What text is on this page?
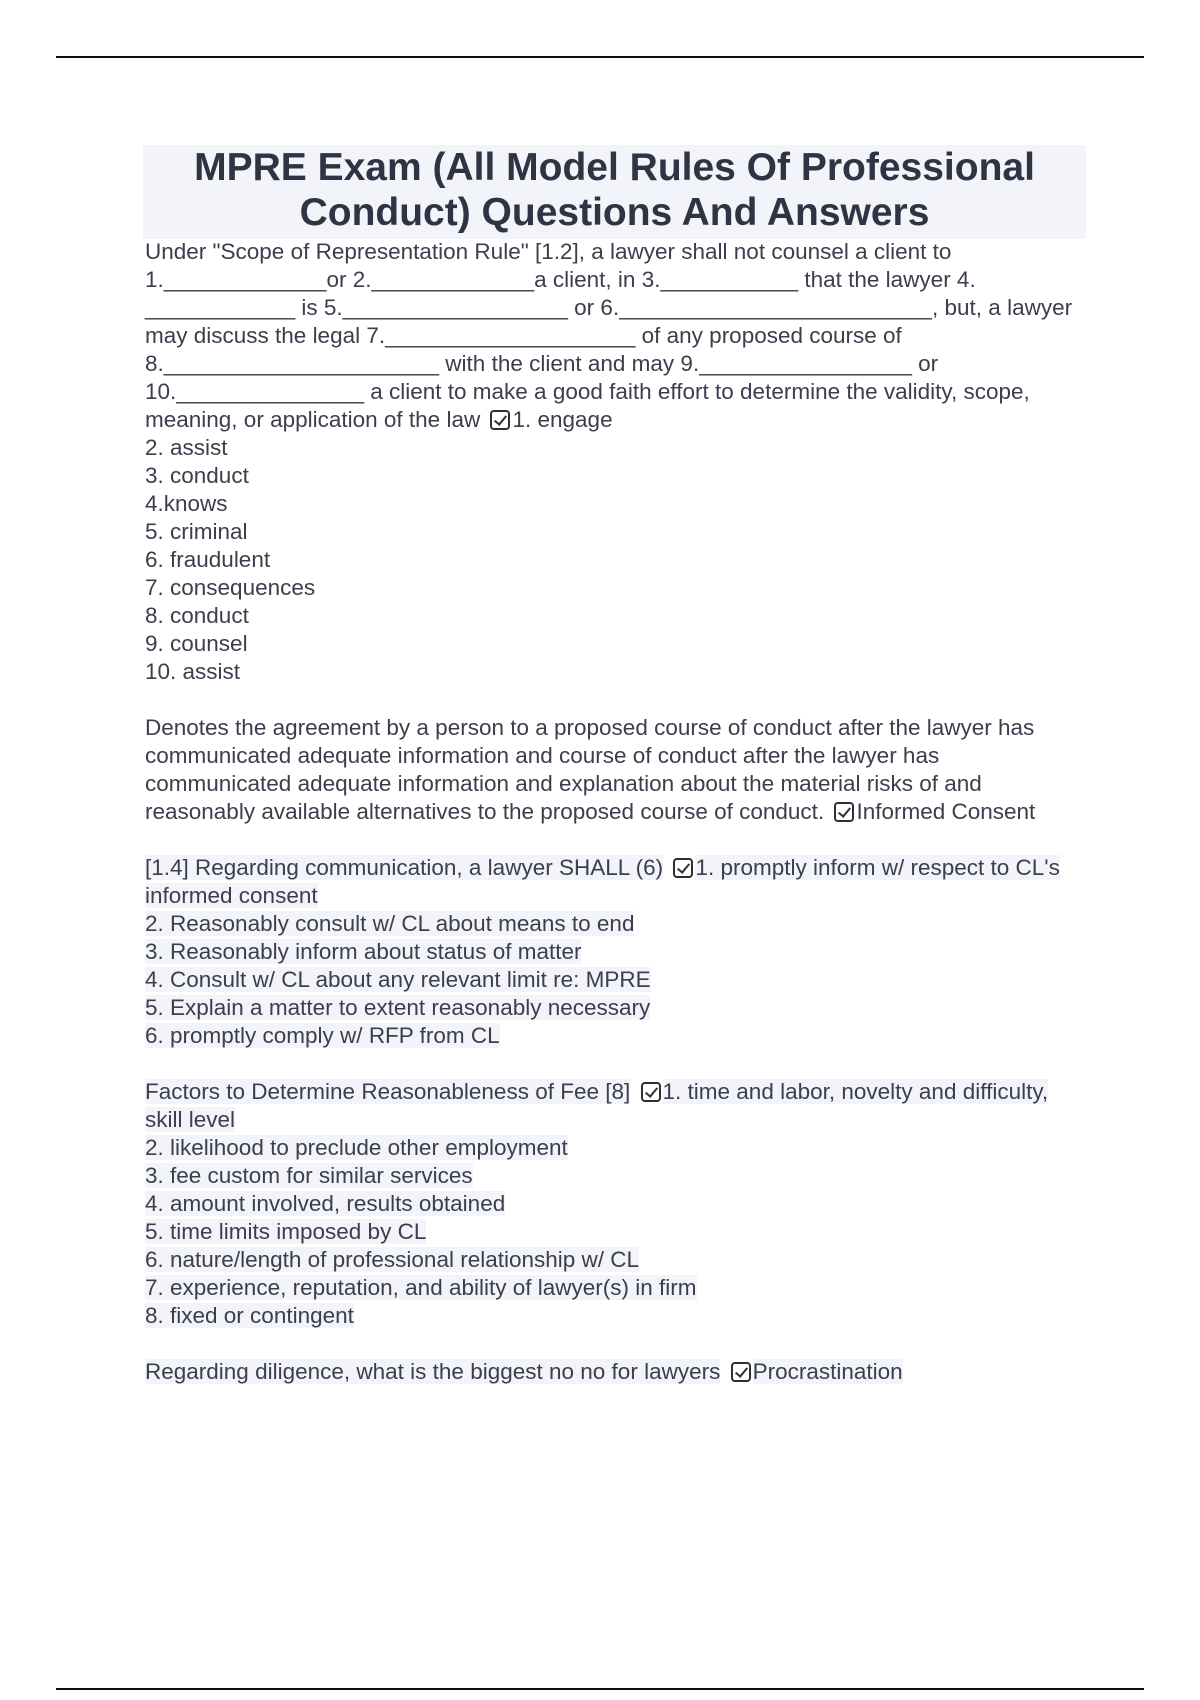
MPRE Exam (All Model Rules Of Professional Conduct) Questions And Answers

Under "Scope of Representation Rule" [1.2], a lawyer shall not counsel a client to 1._____________or 2._____________a client, in 3.___________ that the lawyer 4. ____________ is 5.__________________ or 6._________________________, but, a lawyer may discuss the legal 7.____________________ of any proposed course of 8.______________________ with the client and may 9._________________ or 10._______________ a client to make a good faith effort to determine the validity, scope, meaning, or application of the law 1. engage

2. assist
3. conduct
4.knows
5. criminal
6. fraudulent
7. consequences
8. conduct
9. counsel
10. assist

Denotes the agreement by a person to a proposed course of conduct after the lawyer has communicated adequate information and course of conduct after the lawyer has communicated adequate information and explanation about the material risks of and reasonably available alternatives to the proposed course of conduct. Informed Consent

[1.4] Regarding communication, a lawyer SHALL (6) 1. promptly inform w/ respect to CL's informed consent

2. Reasonably consult w/ CL about means to end
3. Reasonably inform about status of matter
4. Consult w/ CL about any relevant limit re: MPRE
5. Explain a matter to extent reasonably necessary
6. promptly comply w/ RFP from CL

Factors to Determine Reasonableness of Fee [8] 1. time and labor, novelty and difficulty, skill level

2. likelihood to preclude other employment
3. fee custom for similar services
4. amount involved, results obtained
5. time limits imposed by CL
6. nature/length of professional relationship w/ CL
7. experience, reputation, and ability of lawyer(s) in firm
8. fixed or contingent

Regarding diligence, what is the biggest no no for lawyers Procrastination
